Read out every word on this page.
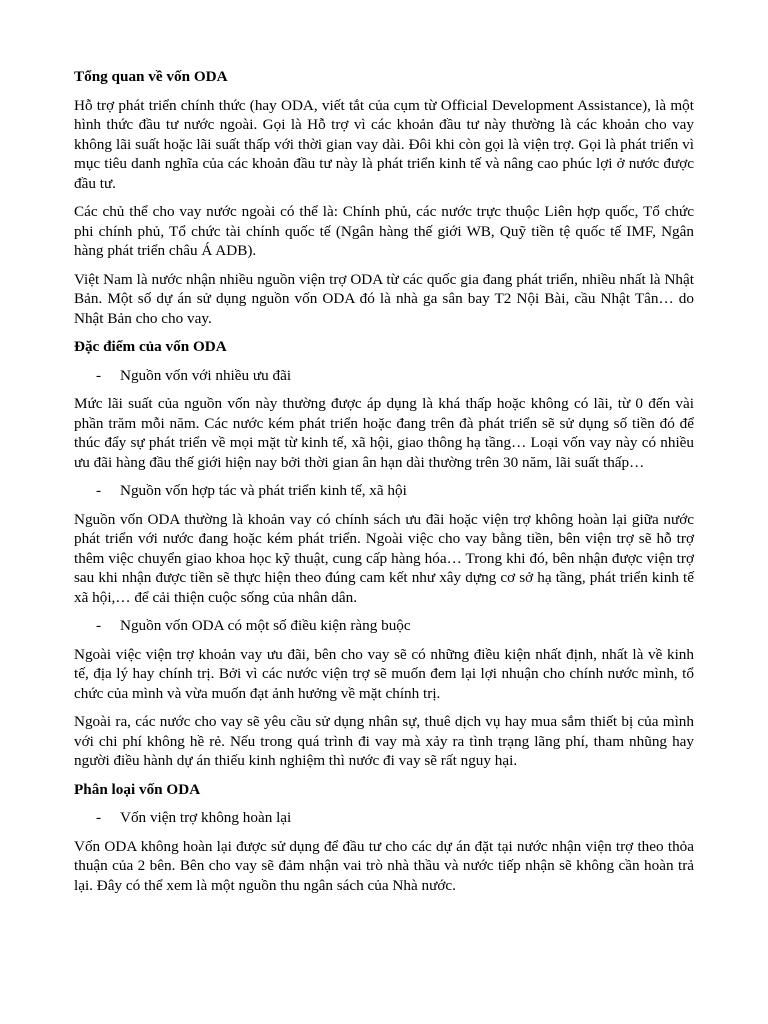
Tổng quan về vốn ODA
Hỗ trợ phát triển chính thức (hay ODA, viết tắt của cụm từ Official Development Assistance), là một hình thức đầu tư nước ngoài. Gọi là Hỗ trợ vì các khoản đầu tư này thường là các khoản cho vay không lãi suất hoặc lãi suất thấp với thời gian vay dài. Đôi khi còn gọi là viện trợ. Gọi là phát triển vì mục tiêu danh nghĩa của các khoản đầu tư này là phát triển kinh tế và nâng cao phúc lợi ở nước được đầu tư.
Các chủ thể cho vay nước ngoài có thể là: Chính phủ, các nước trực thuộc Liên hợp quốc, Tổ chức phi chính phủ, Tổ chức tài chính quốc tế (Ngân hàng thế giới WB, Quỹ tiền tệ quốc tế IMF, Ngân hàng phát triển châu Á ADB).
Việt Nam là nước nhận nhiều nguồn viện trợ ODA từ các quốc gia đang phát triển, nhiều nhất là Nhật Bản. Một số dự án sử dụng nguồn vốn ODA đó là nhà ga sân bay T2 Nội Bài, cầu Nhật Tân… do Nhật Bản cho cho vay.
Đặc điểm của vốn ODA
-	Nguồn vốn với nhiều ưu đãi
Mức lãi suất của nguồn vốn này thường được áp dụng là khá thấp hoặc không có lãi, từ 0 đến vài phần trăm mỗi năm. Các nước kém phát triển hoặc đang trên đà phát triển sẽ sử dụng số tiền đó để thúc đẩy sự phát triển về mọi mặt từ kinh tế, xã hội, giao thông hạ tầng… Loại vốn vay này có nhiều ưu đãi hàng đầu thế giới hiện nay bởi thời gian ân hạn dài thường trên 30 năm, lãi suất thấp…
-	Nguồn vốn hợp tác và phát triển kinh tế, xã hội
Nguồn vốn ODA thường là khoản vay có chính sách ưu đãi hoặc viện trợ không hoàn lại giữa nước phát triển với nước đang hoặc kém phát triển. Ngoài việc cho vay bằng tiền, bên viện trợ sẽ hỗ trợ thêm việc chuyển giao khoa học kỹ thuật, cung cấp hàng hóa… Trong khi đó, bên nhận được viện trợ sau khi nhận được tiền sẽ thực hiện theo đúng cam kết như xây dựng cơ sở hạ tầng, phát triển kinh tế xã hội,… để cải thiện cuộc sống của nhân dân.
-	Nguồn vốn ODA có một số điều kiện ràng buộc
Ngoài việc viện trợ khoản vay ưu đãi, bên cho vay sẽ có những điều kiện nhất định, nhất là về kinh tế, địa lý hay chính trị. Bởi vì các nước viện trợ sẽ muốn đem lại lợi nhuận cho chính nước mình, tổ chức của mình và vừa muốn đạt ảnh hưởng về mặt chính trị.
Ngoài ra, các nước cho vay sẽ yêu cầu sử dụng nhân sự, thuê dịch vụ hay mua sắm thiết bị của mình với chi phí không hề rẻ. Nếu trong quá trình đi vay mà xảy ra tình trạng lãng phí, tham nhũng hay người điều hành dự án thiếu kinh nghiệm thì nước đi vay sẽ rất nguy hại.
Phân loại vốn ODA
-	Vốn viện trợ không hoàn lại
Vốn ODA không hoàn lại được sử dụng để đầu tư cho các dự án đặt tại nước nhận viện trợ theo thỏa thuận của 2 bên. Bên cho vay sẽ đảm nhận vai trò nhà thầu và nước tiếp nhận sẽ không cần hoàn trả lại. Đây có thể xem là một nguồn thu ngân sách của Nhà nước.
